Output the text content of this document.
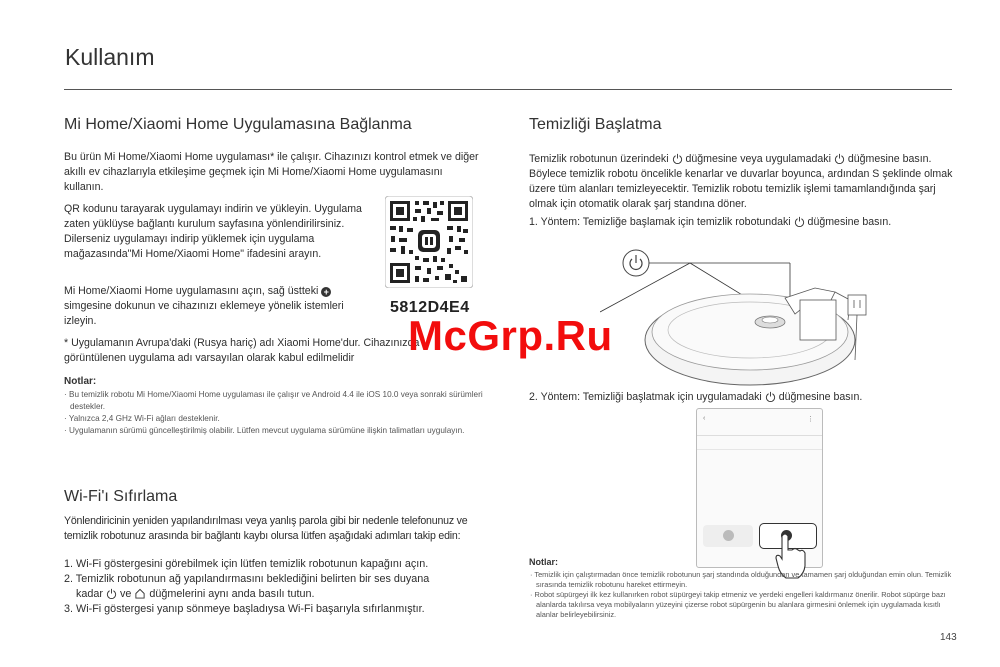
Kullanım
Mi Home/Xiaomi Home Uygulamasına Bağlanma

Bu ürün Mi Home/Xiaomi Home uygulaması* ile çalışır. Cihazınızı kontrol etmek ve diğer akıllı ev cihazlarıyla etkileşime geçmek için Mi Home/Xiaomi Home uygulamasını kullanın.

QR kodunu tarayarak uygulamayı indirin ve yükleyin. Uygulama zaten yüklüyse bağlantı kurulum sayfasına yönlendirilirsiniz. Dilerseniz uygulamayı indirip yüklemek için uygulama mağazasında"Mi Home/Xiaomi Home" ifadesini arayın.

Mi Home/Xiaomi Home uygulamasını açın, sağ üstteki + simgesine dokunun ve cihazınızı eklemeye yönelik istemleri izleyin.
5812D4E4

* Uygulamanın Avrupa'daki (Rusya hariç) adı Xiaomi Home'dur. Cihazınızda görüntülenen uygulama adı varsayılan olarak kabul edilmelidir

Notlar:
· Bu temizlik robotu Mi Home/Xiaomi Home uygulaması ile çalışır ve Android 4.4 ile iOS 10.0 veya sonraki sürümleri destekler.
· Yalnızca 2,4 GHz Wi-Fi ağları desteklenir.
· Uygulamanın sürümü güncelleştirilmiş olabilir. Lütfen mevcut uygulama sürümüne ilişkin talimatları uygulayın.
Wi-Fi'ı Sıfırlama

Yönlendiricinin yeniden yapılandırılması veya yanlış parola gibi bir nedenle telefonunuz ve temizlik robotunuz arasında bir bağlantı kaybı olursa lütfen aşağıdaki adımları takip edin:

1. Wi-Fi göstergesini görebilmek için lütfen temizlik robotunun kapağını açın.
2. Temizlik robotunun ağ yapılandırmasını beklediğini belirten bir ses duyana
kadar ve düğmelerini aynı anda basılı tutun.
3. Wi-Fi göstergesi yanıp sönmeye başladıysa Wi-Fi başarıyla sıfırlanmıştır.
Temizliği Başlatma
Temizlik robotunun üzerindeki düğmesine veya uygulamadaki düğmesine basın. Böylece temizlik robotu öncelikle kenarlar ve duvarlar boyunca, ardından S şeklinde olmak üzere tüm alanları temizleyecektir. Temizlik robotu temizlik işlemi tamamlandığında şarj olmak için otomatik olarak şarj standına döner.
1. Yöntem: Temizliğe başlamak için temizlik robotundaki düğmesine basın.
2. Yöntem: Temizliği başlatmak için uygulamadaki düğmesine basın.
‹	⋮
Notlar:
· Temizlik için çalıştırmadan önce temizlik robotunun şarj standında olduğundan ve tamamen şarj olduğundan emin olun. Temizlik sırasında temizlik robotunu hareket ettirmeyin.
· Robot süpürgeyi ilk kez kullanırken robot süpürgeyi takip etmeniz ve yerdeki engelleri kaldırmanız önerilir. Robot süpürge bazı alanlarda takılırsa veya mobilyaların yüzeyini çizerse robot süpürgenin bu alanlara girmesini önlemek için uygulamada kısıtlı alanlar belirleyebilirsiniz.
McGrp.Ru
143
